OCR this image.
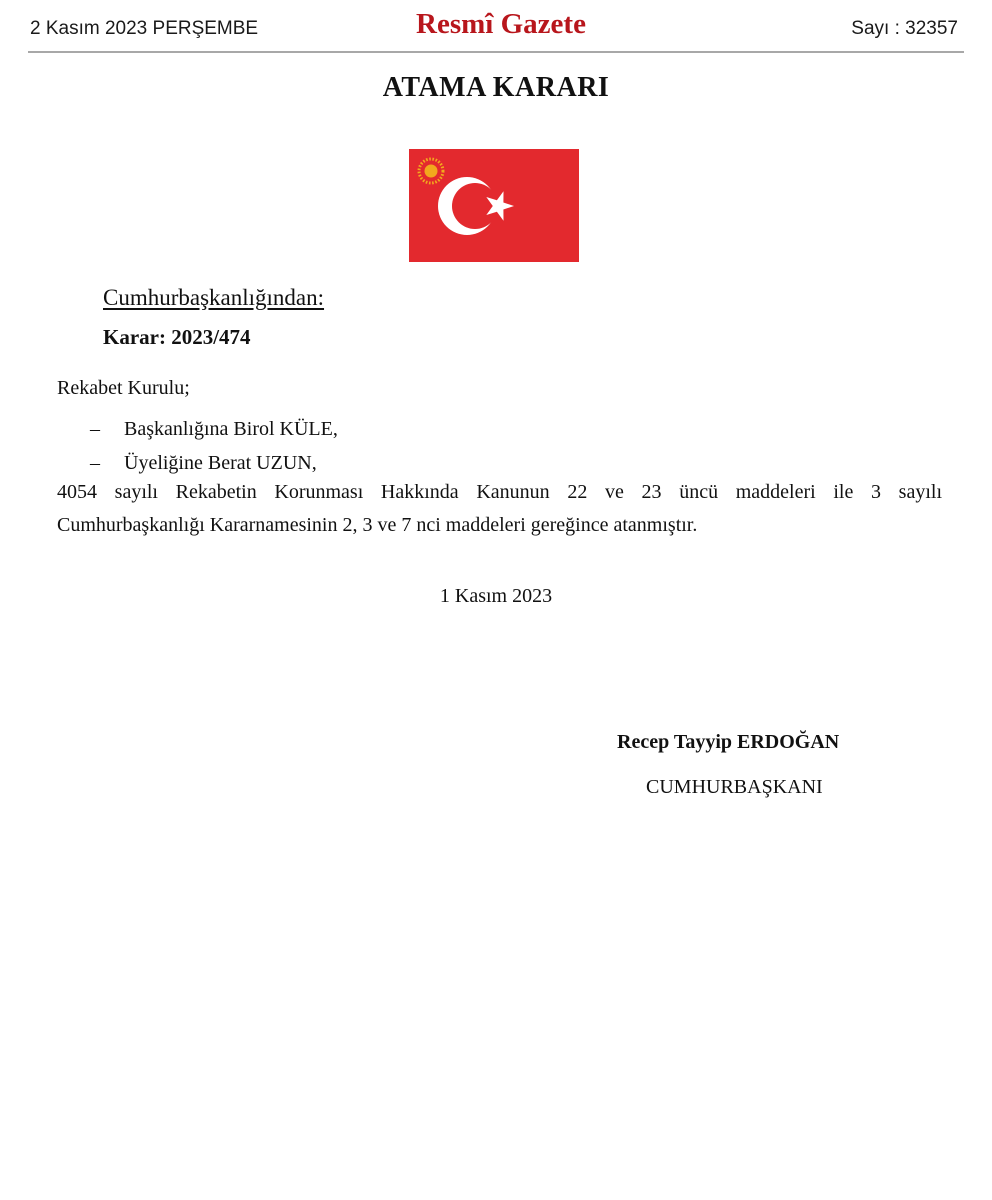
2 Kasım 2023 PERŞEMBE	Resmî Gazete	Sayı : 32357
ATAMA KARARI
Cumhurbaşkanlığından:
Karar: 2023/474
Rekabet Kurulu;
– Başkanlığına Birol KÜLE,
– Üyeliğine Berat UZUN,
4054 sayılı Rekabetin Korunması Hakkında Kanunun 22 ve 23 üncü maddeleri ile 3 sayılı
Cumhurbaşkanlığı Kararnamesinin 2, 3 ve 7 nci maddeleri gereğince atanmıştır.
1 Kasım 2023
Recep Tayyip ERDOĞAN
CUMHURBAŞKANI
